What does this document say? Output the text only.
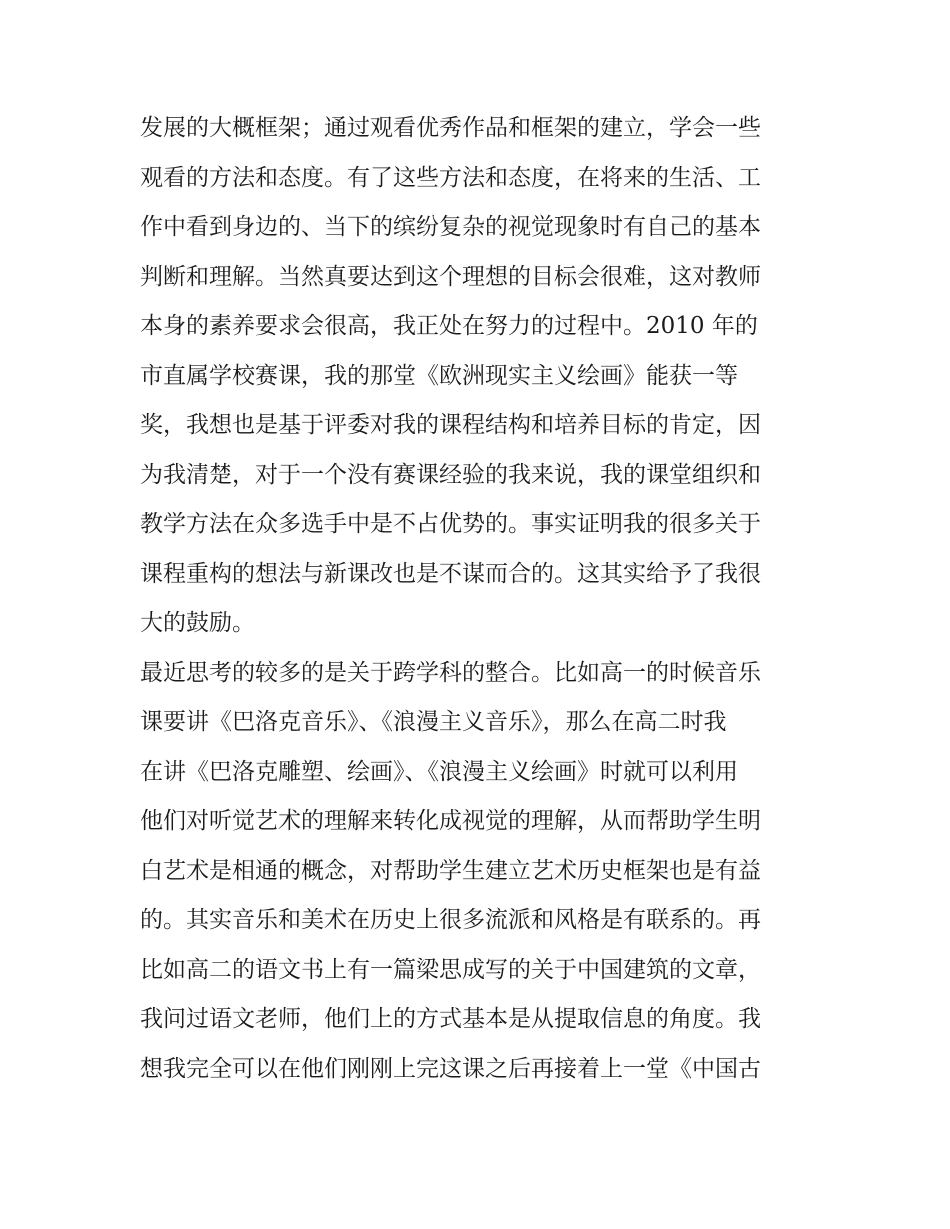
发展的大概框架；通过观看优秀作品和框架的建立，学会一些
观看的方法和态度。有了这些方法和态度，在将来的生活、工
作中看到身边的、当下的缤纷复杂的视觉现象时有自己的基本
判断和理解。当然真要达到这个理想的目标会很难，这对教师
本身的素养要求会很高，我正处在努力的过程中。2010 年的
市直属学校赛课，我的那堂《欧洲现实主义绘画》能获一等
奖，我想也是基于评委对我的课程结构和培养目标的肯定，因
为我清楚，对于一个没有赛课经验的我来说，我的课堂组织和
教学方法在众多选手中是不占优势的。事实证明我的很多关于
课程重构的想法与新课改也是不谋而合的。这其实给予了我很
大的鼓励。
最近思考的较多的是关于跨学科的整合。比如高一的时候音乐
课要讲《巴洛克音乐》、《浪漫主义音乐》，那么在高二时我
在讲《巴洛克雕塑、绘画》、《浪漫主义绘画》时就可以利用
他们对听觉艺术的理解来转化成视觉的理解，从而帮助学生明
白艺术是相通的概念，对帮助学生建立艺术历史框架也是有益
的。其实音乐和美术在历史上很多流派和风格是有联系的。再
比如高二的语文书上有一篇梁思成写的关于中国建筑的文章，
我问过语文老师，他们上的方式基本是从提取信息的角度。我
想我完全可以在他们刚刚上完这课之后再接着上一堂《中国古
